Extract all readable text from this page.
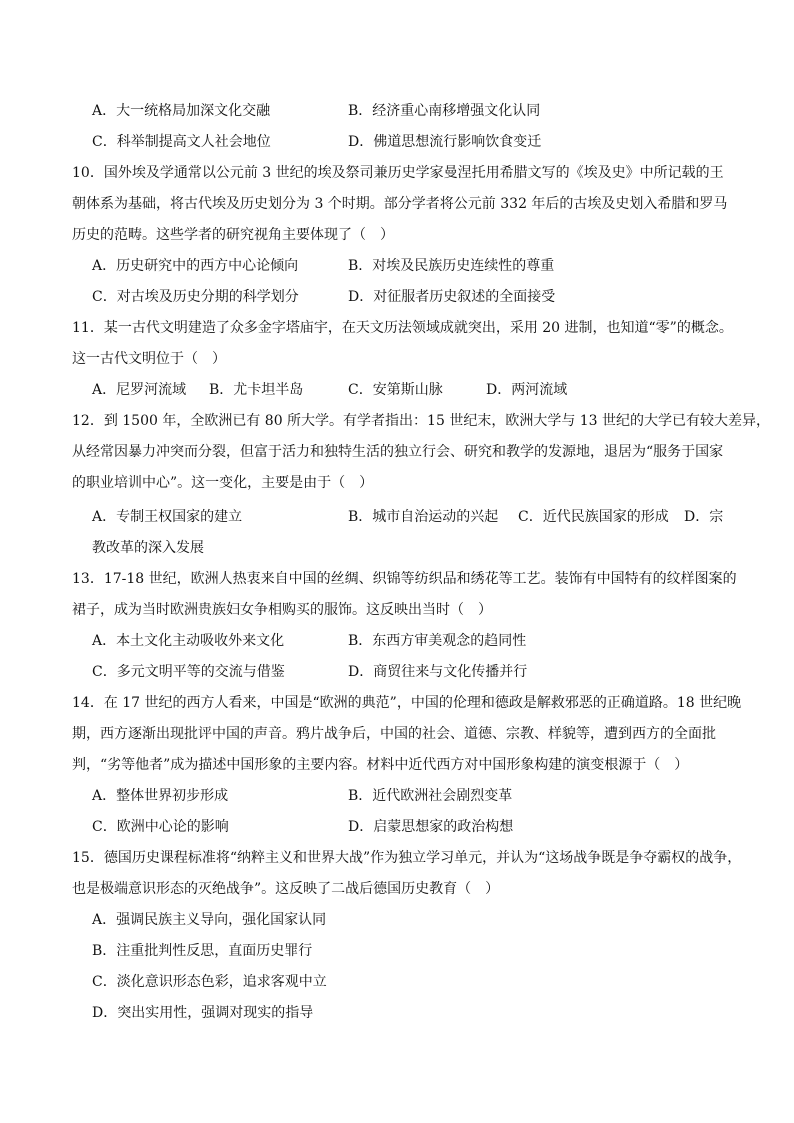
A．大一统格局加深文化交融	B．经济重心南移增强文化认同
C．科举制提高文人社会地位	D．佛道思想流行影响饮食变迁
10．国外埃及学通常以公元前 3 世纪的埃及祭司兼历史学家曼涅托用希腊文写的《埃及史》中所记载的王
朝体系为基础，将古代埃及历史划分为 3 个时期。部分学者将公元前 332 年后的古埃及史划入希腊和罗马
历史的范畴。这些学者的研究视角主要体现了（　）
A．历史研究中的西方中心论倾向	B．对埃及民族历史连续性的尊重
C．对古埃及历史分期的科学划分	D．对征服者历史叙述的全面接受
11．某一古代文明建造了众多金字塔庙宇，在天文历法领域成就突出，采用 20 进制，也知道“零”的概念。
这一古代文明位于（　）
A．尼罗河流域 B．尤卡坦半岛	C．安第斯山脉	D．两河流域
12．到 1500 年，全欧洲已有 80 所大学。有学者指出：15 世纪末，欧洲大学与 13 世纪的大学已有较大差异，
从经常因暴力冲突而分裂，但富于活力和独特生活的独立行会、研究和教学的发源地，退居为“服务于国家
的职业培训中心”。这一变化，主要是由于（　）
A．专制王权国家的建立	B．城市自治运动的兴起 C．近代民族国家的形成 D．宗
教改革的深入发展
13．17-18 世纪，欧洲人热衷来自中国的丝绸、织锦等纺织品和绣花等工艺。装饰有中国特有的纹样图案的
裙子，成为当时欧洲贵族妇女争相购买的服饰。这反映出当时（　）
A．本土文化主动吸收外来文化	B．东西方审美观念的趋同性
C．多元文明平等的交流与借鉴	D．商贸往来与文化传播并行
14．在 17 世纪的西方人看来，中国是“欧洲的典范”，中国的伦理和德政是解救邪恶的正确道路。18 世纪晚
期，西方逐渐出现批评中国的声音。鸦片战争后，中国的社会、道德、宗教、样貌等，遭到西方的全面批
判，“劣等他者”成为描述中国形象的主要内容。材料中近代西方对中国形象构建的演变根源于（　）
A．整体世界初步形成	B．近代欧洲社会剧烈变革
C．欧洲中心论的影响	D．启蒙思想家的政治构想
15．德国历史课程标准将“纳粹主义和世界大战”作为独立学习单元，并认为“这场战争既是争夺霸权的战争，
也是极端意识形态的灭绝战争”。这反映了二战后德国历史教育（　）
A．强调民族主义导向，强化国家认同
B．注重批判性反思，直面历史罪行
C．淡化意识形态色彩，追求客观中立
D．突出实用性，强调对现实的指导
